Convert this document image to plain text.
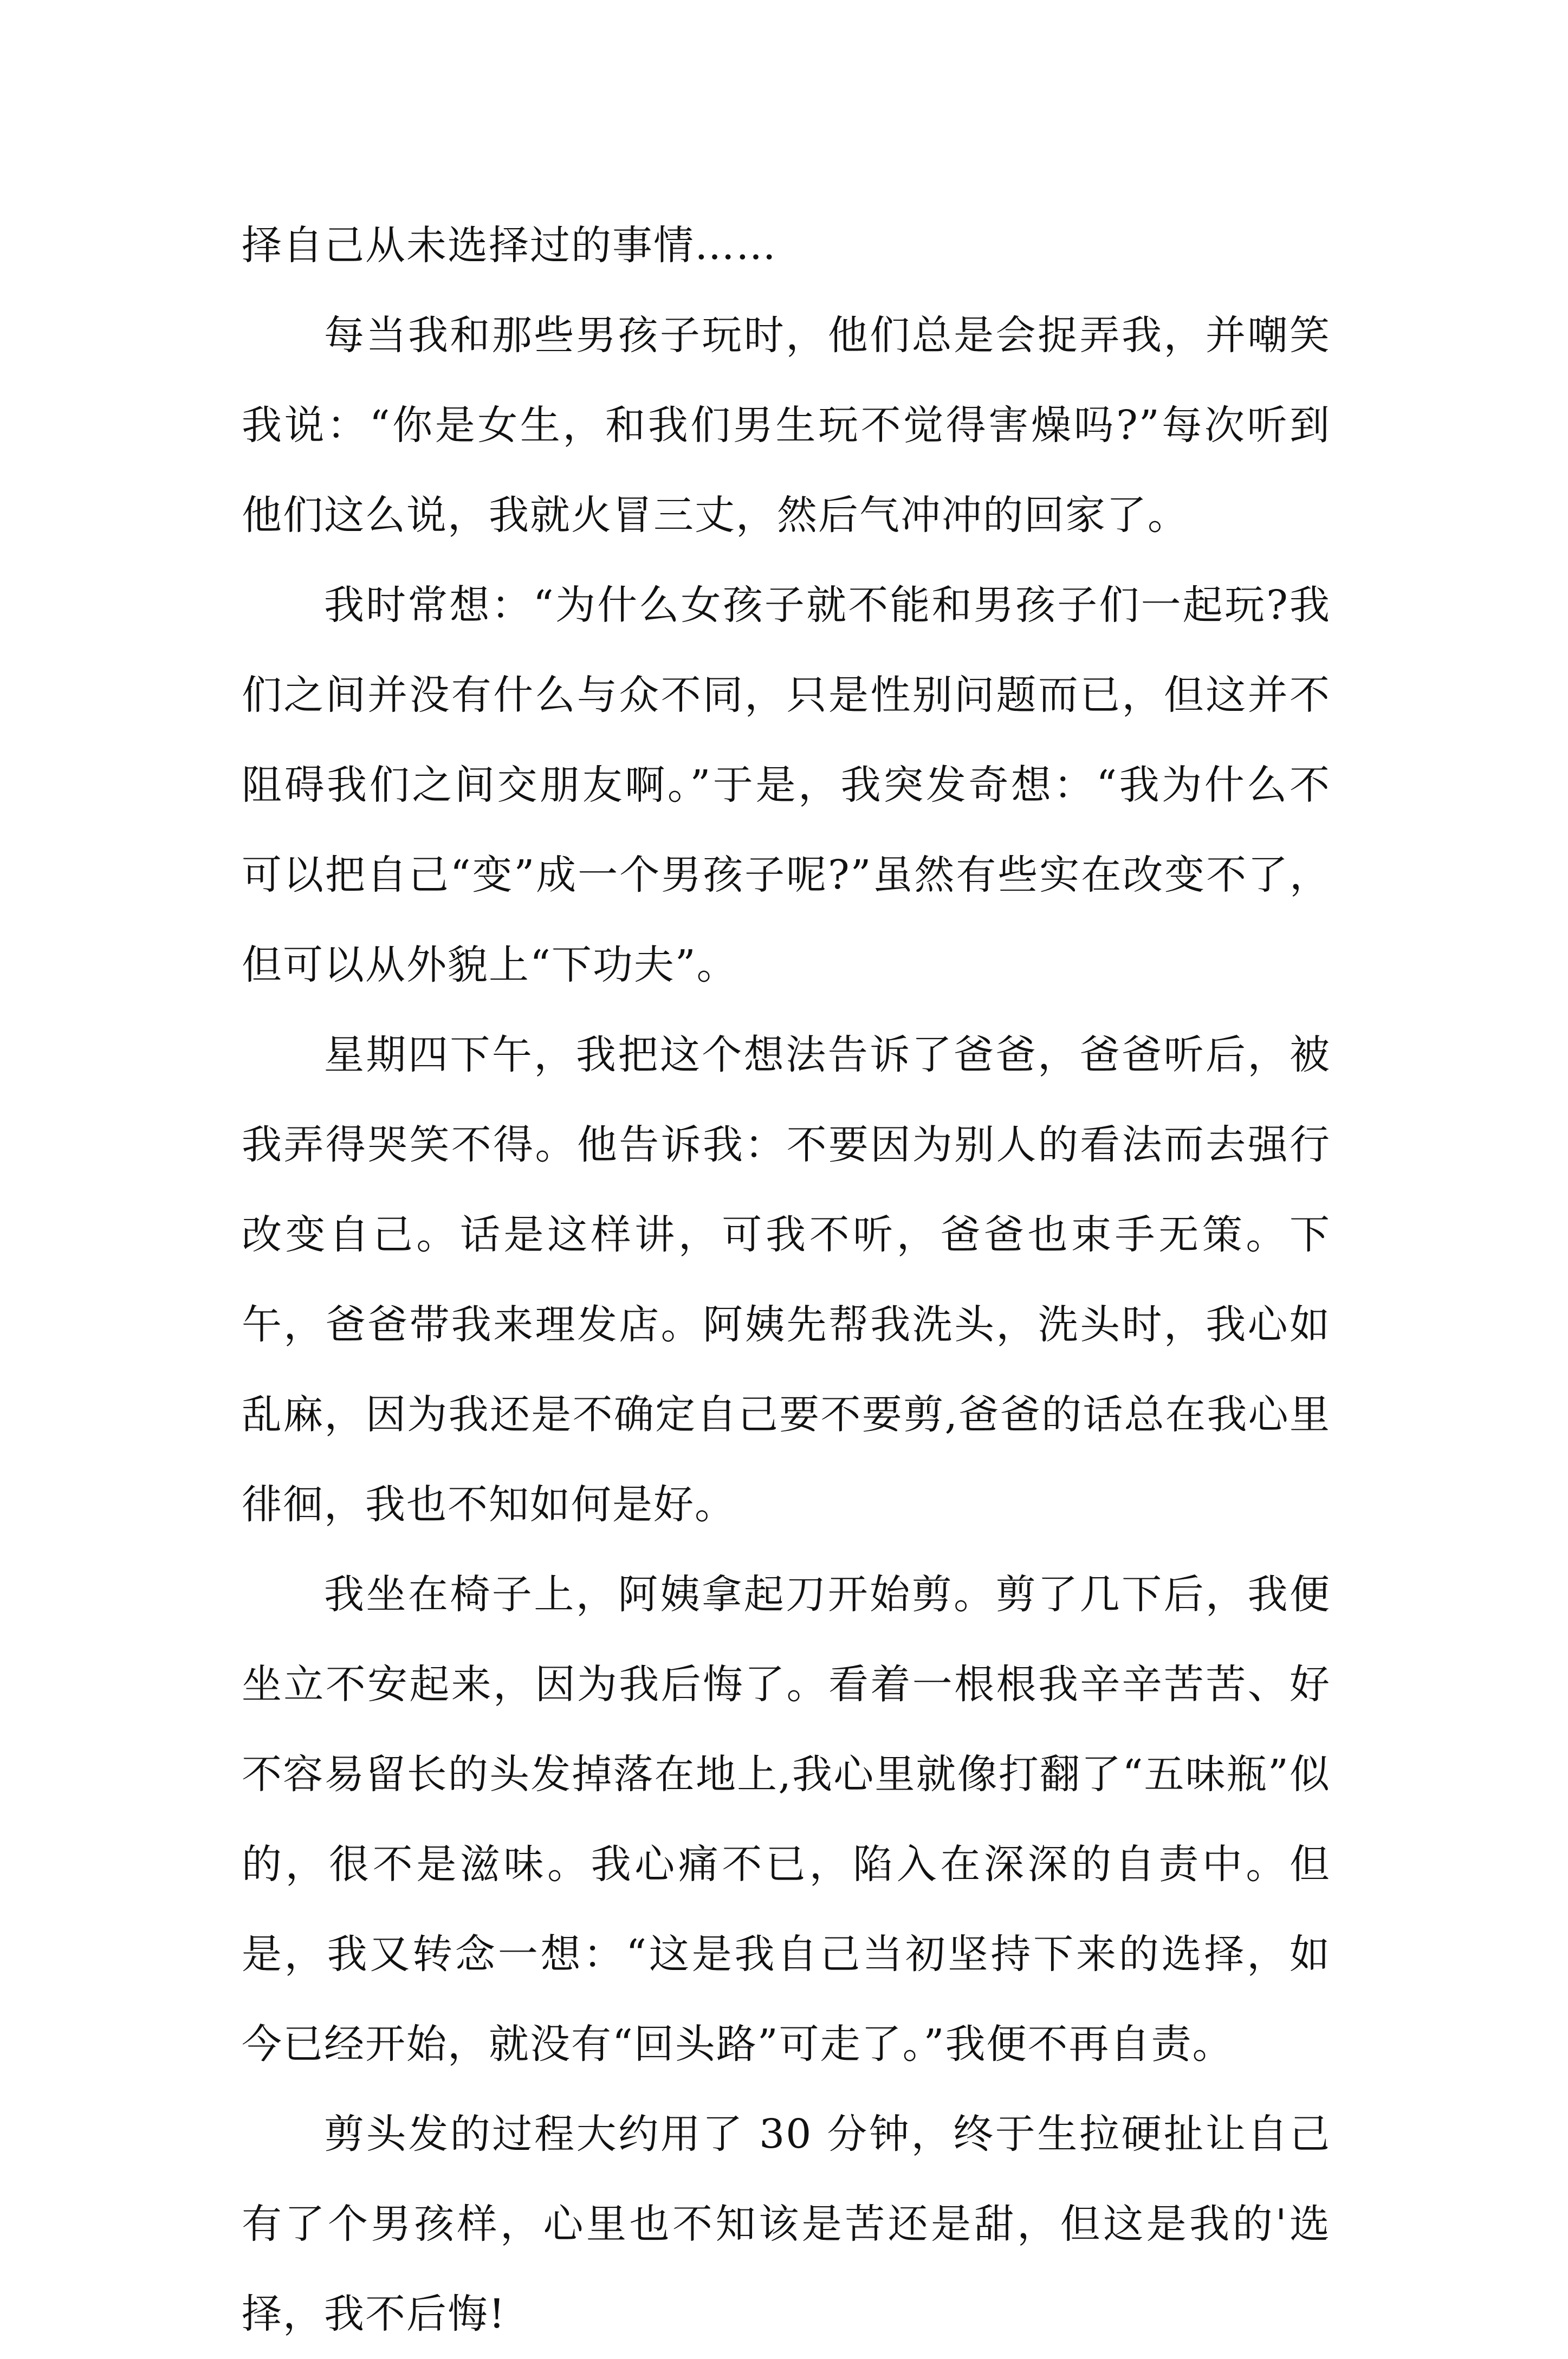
择自己从未选择过的事情……

每当我和那些男孩子玩时，他们总是会捉弄我，并嘲笑我说：“你是女生，和我们男生玩不觉得害燥吗?”每次听到他们这么说，我就火冒三丈，然后气冲冲的回家了。

我时常想：“为什么女孩子就不能和男孩子们一起玩?我们之间并没有什么与众不同，只是性别问题而已，但这并不阻碍我们之间交朋友啊。”于是，我突发奇想：“我为什么不可以把自己“变”成一个男孩子呢?”虽然有些实在改变不了，但可以从外貌上“下功夫”。

星期四下午，我把这个想法告诉了爸爸，爸爸听后，被我弄得哭笑不得。他告诉我：不要因为别人的看法而去强行改变自己。话是这样讲，可我不听，爸爸也束手无策。下午，爸爸带我来理发店。阿姨先帮我洗头，洗头时，我心如乱麻，因为我还是不确定自己要不要剪,爸爸的话总在我心里徘徊，我也不知如何是好。

我坐在椅子上，阿姨拿起刀开始剪。剪了几下后，我便坐立不安起来，因为我后悔了。看着一根根我辛辛苦苦、好不容易留长的头发掉落在地上,我心里就像打翻了“五味瓶”似的，很不是滋味。我心痛不已，陷入在深深的自责中。但是，我又转念一想：“这是我自己当初坚持下来的选择，如今已经开始，就没有“回头路”可走了。”我便不再自责。

剪头发的过程大约用了 30 分钟，终于生拉硬扯让自己有了个男孩样，心里也不知该是苦还是甜，但这是我的'选择，我不后悔!
